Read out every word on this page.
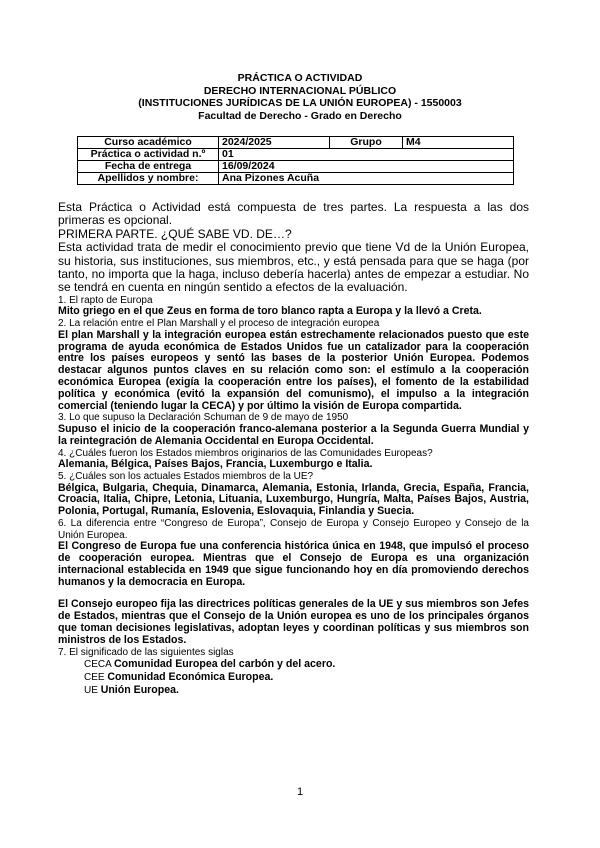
PRÁCTICA O ACTIVIDAD
DERECHO INTERNACIONAL PÚBLICO
(INSTITUCIONES JURÍDICAS DE LA UNIÓN EUROPEA) - 1550003
Facultad de Derecho - Grado en Derecho
Curso académico	2024/2025	Grupo	M4
Práctica o actividad n.º	01		
Fecha de entrega	16/09/2024		
Apellidos y nombre:	Ana Pizones Acuña		

Esta Práctica o Actividad está compuesta de tres partes. La respuesta a las dos primeras es opcional.

PRIMERA PARTE. ¿QUÉ SABE VD. DE…?

Esta actividad trata de medir el conocimiento previo que tiene Vd de la Unión Europea, su historia, sus instituciones, sus miembros, etc., y está pensada para que se haga (por tanto, no importa que la haga, incluso debería hacerla) antes de empezar a estudiar. No se tendrá en cuenta en ningún sentido a efectos de la evaluación.

1. El rapto de Europa

Mito griego en el que Zeus en forma de toro blanco rapta a Europa y la llevó a Creta.

2. La relación entre el Plan Marshall y el proceso de integración europea

El plan Marshall y la integración europea están estrechamente relacionados puesto que este programa de ayuda económica de Estados Unidos fue un catalizador para la cooperación entre los países europeos y sentó las bases de la posterior Unión Europea. Podemos destacar algunos puntos claves en su relación como son: el estímulo a la cooperación económica Europea (exigía la cooperación entre los países), el fomento de la estabilidad política y económica (evitó la expansión del comunismo), el impulso a la integración comercial (teniendo lugar la CECA) y por último la visión de Europa compartida.

3. Lo que supuso la Declaración Schuman de 9 de mayo de 1950

Supuso el inicio de la cooperación franco-alemana posterior a la Segunda Guerra Mundial y la reintegración de Alemania Occidental en Europa Occidental.

4. ¿Cuáles fueron los Estados miembros originarios de las Comunidades Europeas?

Alemania, Bélgica, Países Bajos, Francia, Luxemburgo e Italia.

5. ¿Cuáles son los actuales Estados miembros de la UE?

Bélgica, Bulgaria, Chequia, Dinamarca, Alemania, Estonia, Irlanda, Grecia, España, Francia, Croacia, Italia, Chipre, Letonia, Lituania, Luxemburgo, Hungría, Malta, Países Bajos, Austria, Polonia, Portugal, Rumanía, Eslovenia, Eslovaquia, Finlandia y Suecia.

6. La diferencia entre “Congreso de Europa”, Consejo de Europa y Consejo Europeo y Consejo de la Unión Europea.

El Congreso de Europa fue una conferencia histórica única en 1948, que impulsó el proceso de cooperación europea. Mientras que el Consejo de Europa es una organización internacional establecida en 1949 que sigue funcionando hoy en día promoviendo derechos humanos y la democracia en Europa.

El Consejo europeo fija las directrices políticas generales de la UE y sus miembros son Jefes de Estados, mientras que el Consejo de la Unión europea es uno de los principales órganos que toman decisiones legislativas, adoptan leyes y coordinan políticas y sus miembros son ministros de los Estados.

7. El significado de las siguientes siglas

CECA Comunidad Europea del carbón y del acero.
CEE Comunidad Económica Europea.
UE Unión Europea.
1
